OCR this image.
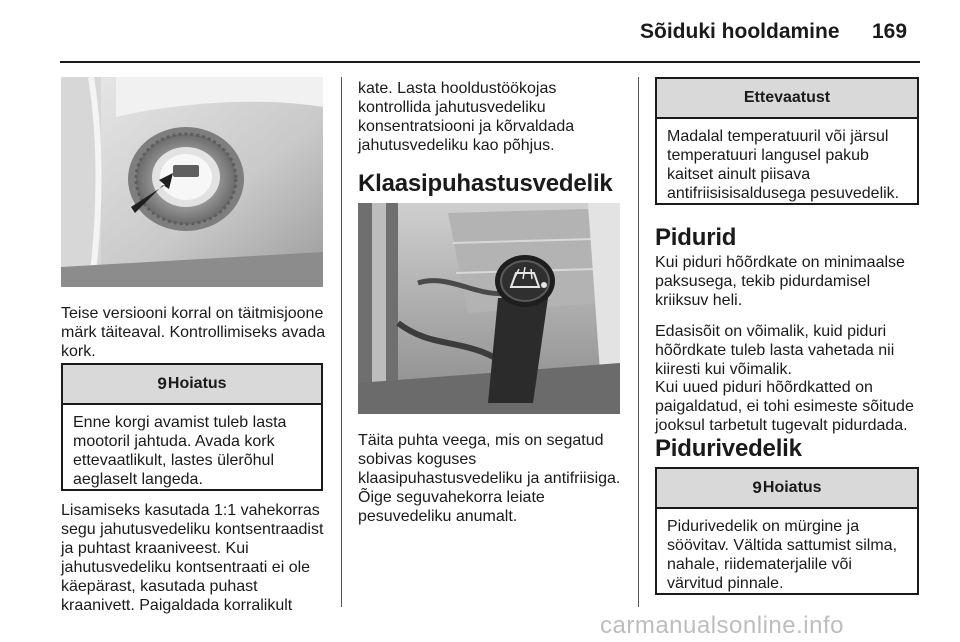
Sõiduki hooldamine 169

Teise versiooni korral on täitmisjoone
märk täiteaval. Kontrollimiseks avada
kork.

9 Hoiatus
Enne korgi avamist tuleb lasta
mootoril jahtuda. Avada kork
ettevaatlikult, lastes ülerõhul
aeglaselt langeda.

Lisamiseks kasutada 1:1 vahekorras
segu jahutusvedeliku kontsentraadist
ja puhtast kraaniveest. Kui
jahutusvedeliku kontsentraati ei ole
käepärast, kasutada puhast
kraanivett. Paigaldada korralikult

kate. Lasta hooldustöökojas
kontrollida jahutusvedeliku
konsentratsiooni ja kõrvaldada
jahutusvedeliku kao põhjus.

Klaasipuhastusvedelik

Täita puhta veega, mis on segatud
sobivas koguses
klaasipuhastusvedeliku ja antifriisiga.
Õige seguvahekorra leiate
pesuvedeliku anumalt.

Ettevaatust
Madalal temperatuuril või järsul
temperatuuri langusel pakub
kaitset ainult piisava
antifriisisisaldusega pesuvedelik.
Pidurid

Kui piduri hõõrdkate on minimaalse
paksusega, tekib pidurdamisel
kriiksuv heli.

Edasisõit on võimalik, kuid piduri
hõõrdkate tuleb lasta vahetada nii
kiiresti kui võimalik.

Kui uued piduri hõõrdkatted on
paigaldatud, ei tohi esimeste sõitude
jooksul tarbetult tugevalt pidurdada.

Pidurivedelik
9 Hoiatus
Pidurivedelik on mürgine ja
söövitav. Vältida sattumist silma,
nahale, riidematerjalile või
värvitud pinnale.
carmanualsonline.info
